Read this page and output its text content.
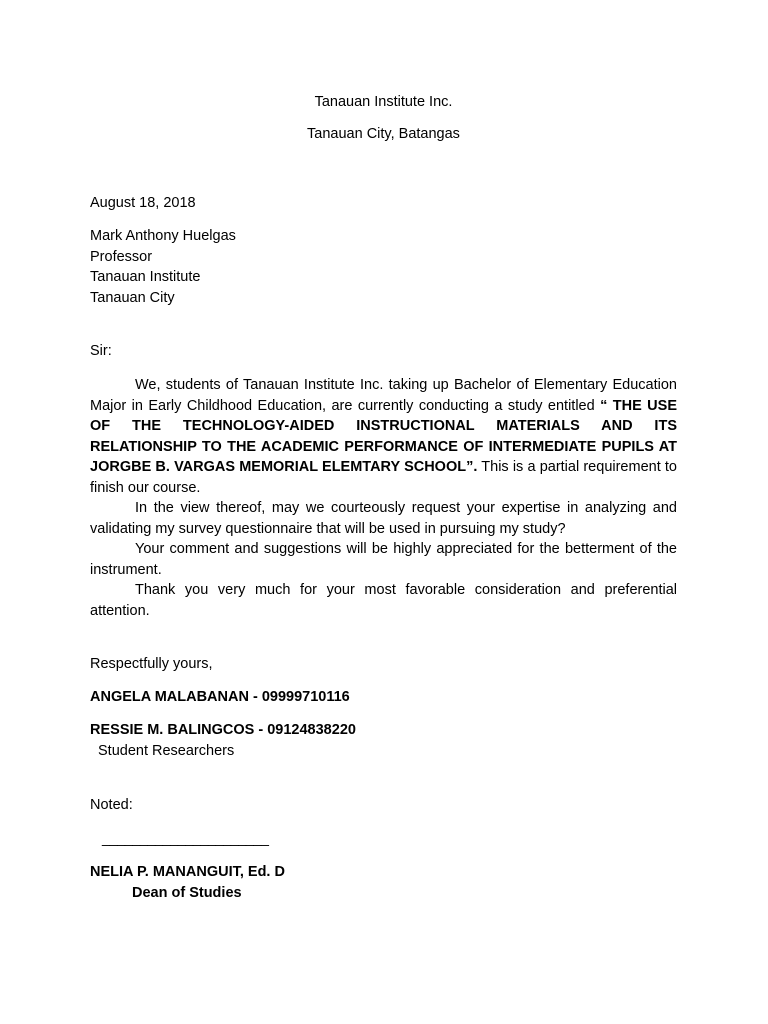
Tanauan Institute Inc.
Tanauan City, Batangas
August 18, 2018
Mark Anthony Huelgas
Professor
Tanauan Institute
Tanauan City
Sir:

We, students of Tanauan Institute Inc. taking up Bachelor of Elementary Education Major in Early Childhood Education, are currently conducting a study entitled “ THE USE OF THE TECHNOLOGY-AIDED INSTRUCTIONAL MATERIALS AND ITS RELATIONSHIP TO THE ACADEMIC PERFORMANCE OF INTERMEDIATE PUPILS AT JORGBE B. VARGAS MEMORIAL ELEMTARY SCHOOL”. This is a partial requirement to finish our course.

In the view thereof, may we courteously request your expertise in analyzing and validating my survey questionnaire that will be used in pursuing my study?

Your comment and suggestions will be highly appreciated for the betterment of the instrument.

Thank you very much for your most favorable consideration and preferential attention.

Respectfully yours,
ANGELA MALABANAN - 09999710116
RESSIE M. BALINGCOS - 09124838220
Student Researchers
Noted:
______________________
NELIA P. MANANGUIT, Ed. D
Dean of Studies
